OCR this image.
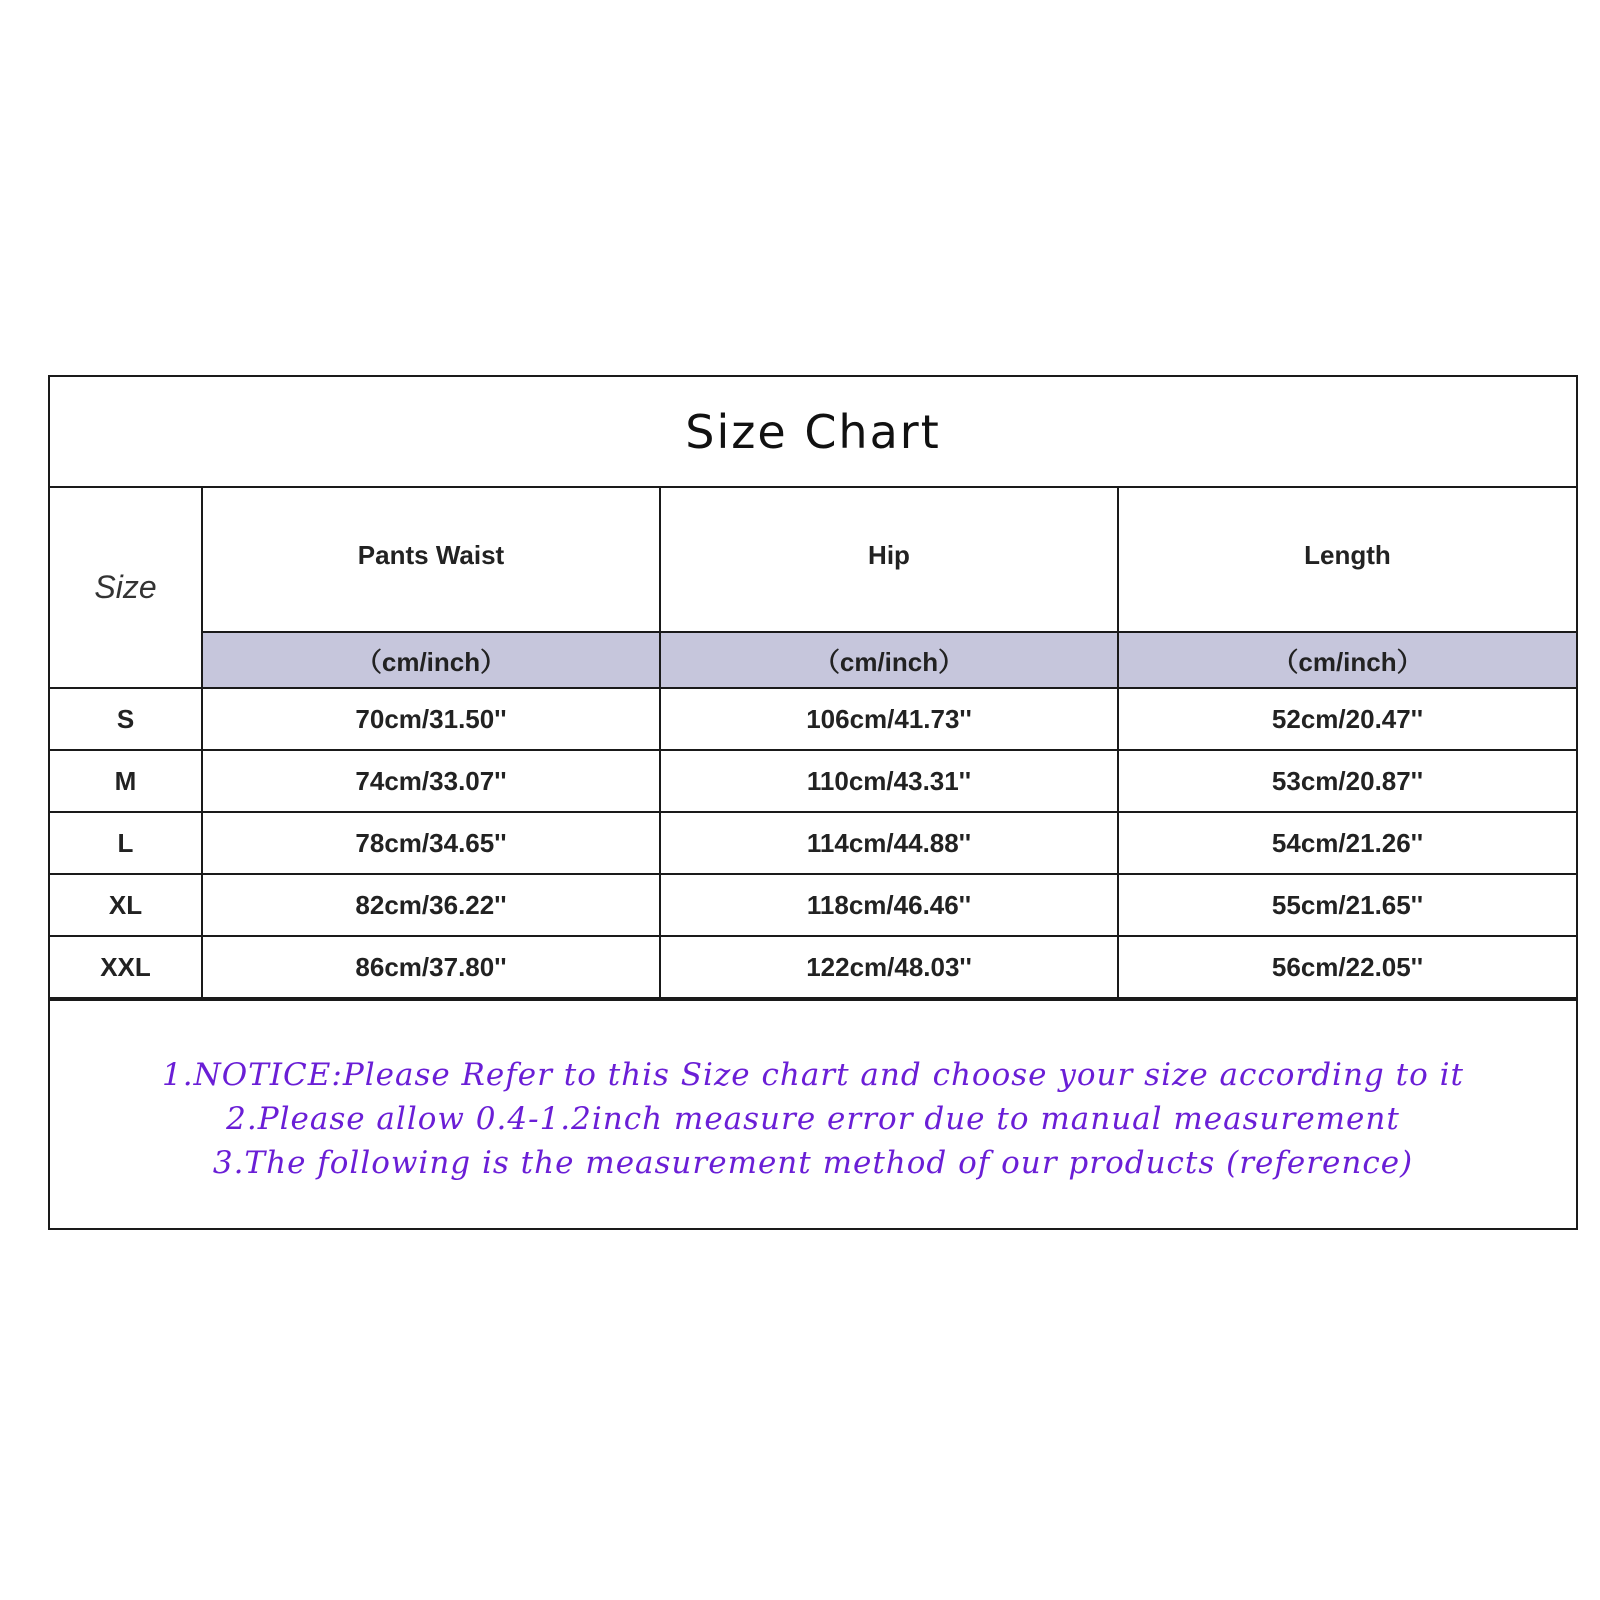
Size Chart
Size	Pants Waist	Hip	Length
	（cm/inch）	（cm/inch）	（cm/inch）
S	70cm/31.50''	106cm/41.73''	52cm/20.47''
M	74cm/33.07''	110cm/43.31''	53cm/20.87''
L	78cm/34.65''	114cm/44.88''	54cm/21.26''
XL	82cm/36.22''	118cm/46.46''	55cm/21.65''
XXL	86cm/37.80''	122cm/48.03''	56cm/22.05''
1.NOTICE:Please Refer to this Size chart and choose your size according to it
2.Please allow 0.4-1.2inch measure error due to manual measurement
3.The following is the measurement method of our products (reference)
